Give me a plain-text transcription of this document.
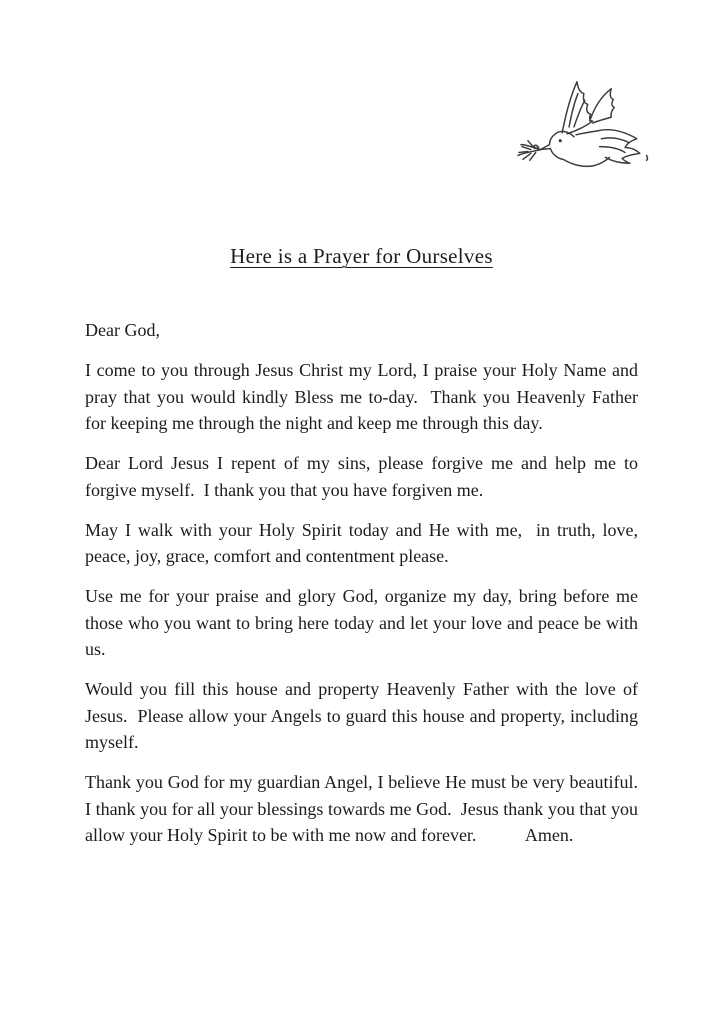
Here is a Prayer for Ourselves

Dear God,

I come to you through Jesus Christ my Lord, I praise your Holy Name and pray that you would kindly Bless me to-day.  Thank you Heavenly Father for keeping me through the night and keep me through this day.

Dear Lord Jesus I repent of my sins, please forgive me and help me to forgive myself.  I thank you that you have forgiven me.

May I walk with your Holy Spirit today and He with me,  in truth, love, peace, joy, grace, comfort and contentment please.

Use me for your praise and glory God, organize my day, bring before me those who you want to bring here today and let your love and peace be with us.

Would you fill this house and property Heavenly Father with the love of Jesus.  Please allow your Angels to guard this house and property, including myself.

Thank you God for my guardian Angel, I believe He must be very beautiful. I thank you for all your blessings towards me God.  Jesus thank you that you allow your Holy Spirit to be with me now and forever.           Amen.
